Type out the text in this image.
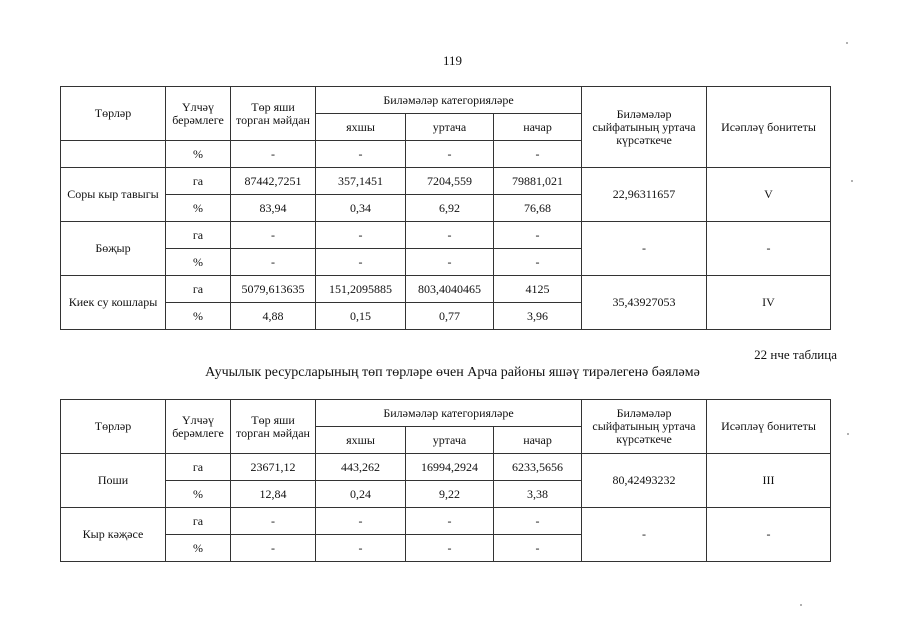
119
Төрләр	Үлчәү берәмлеге	Төр яши торган мәйдан	Биләмәләр категорияләре			Биләмәләр сыйфатының уртача күрсәткече	Исәпләү бонитеты
			яхшы	уртача	начар		
	%	-	-	-	-		
Соры кыр тавыгы	га	87442,7251	357,1451	7204,559	79881,021	22,96311657	V
	%	83,94	0,34	6,92	76,68		
Бөҗыр	га	-	-	-	-	-	-
	%	-	-	-	-		
Киек су кошлары	га	5079,613635	151,2095885	803,4040465	4125	35,43927053	IV
	%	4,88	0,15	0,77	3,96		
22 нче таблица
Аучылык ресурсларының төп төрләре өчен Арча районы яшәү тирәлегенә бәяләмә
Төрләр	Үлчәү берәмлеге	Төр яши торган мәйдан	Биләмәләр категорияләре			Биләмәләр сыйфатының уртача күрсәткече	Исәпләү бонитеты
			яхшы	уртача	начар		
Поши	га	23671,12	443,262	16994,2924	6233,5656	80,42493232	III
	%	12,84	0,24	9,22	3,38		
Кыр кәҗәсе	га	-	-	-	-	-	-
	%	-	-	-	-		
